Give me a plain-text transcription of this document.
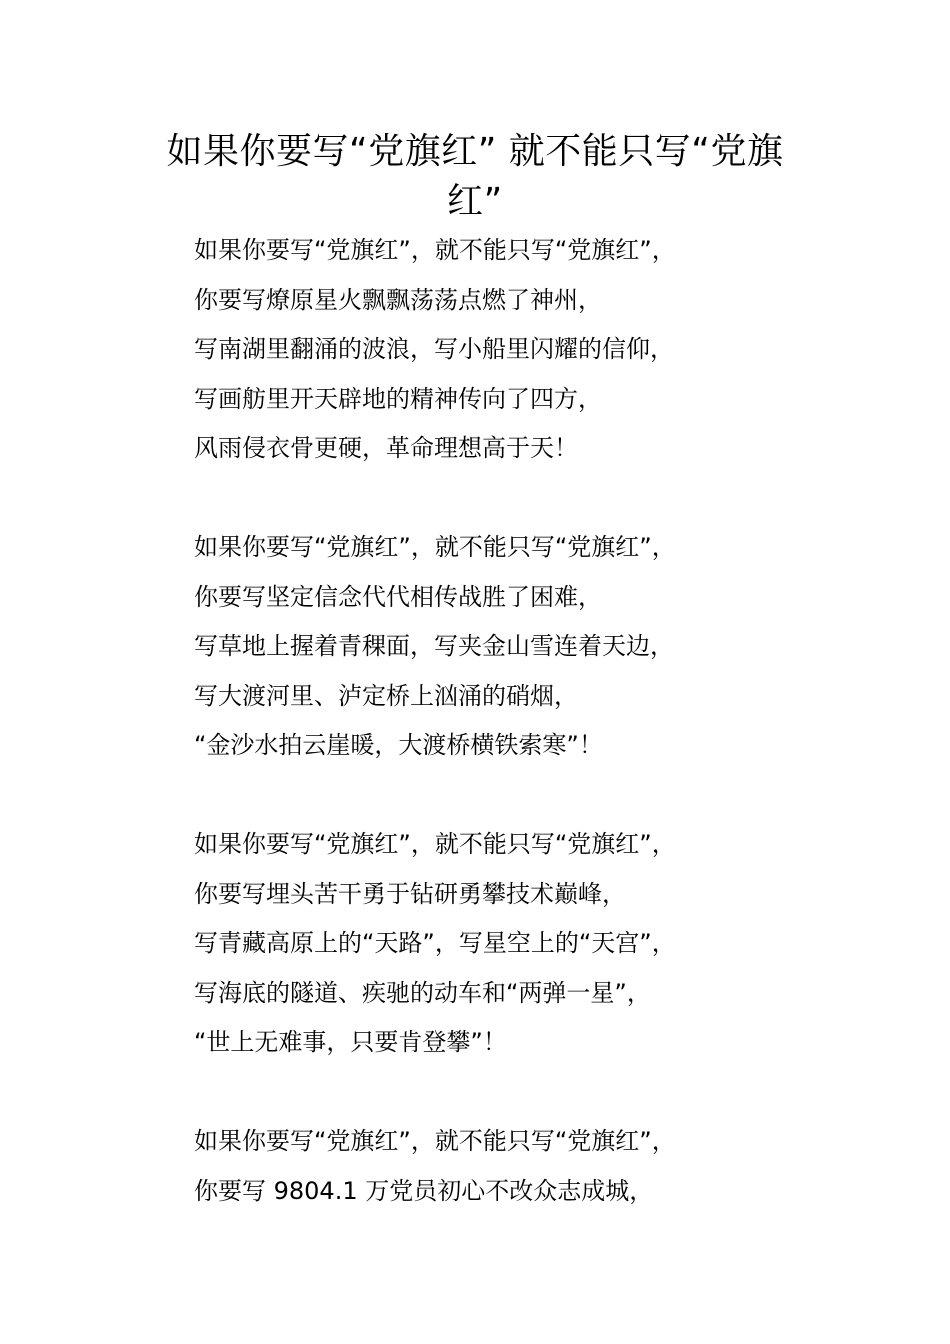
如果你要写“党旗红” 就不能只写“党旗
红”
如果你要写“党旗红”，就不能只写“党旗红”，
你要写燎原星火飘飘荡荡点燃了神州，
写南湖里翻涌的波浪，写小船里闪耀的信仰，
写画舫里开天辟地的精神传向了四方，
风雨侵衣骨更硬，革命理想高于天！
如果你要写“党旗红”，就不能只写“党旗红”，
你要写坚定信念代代相传战胜了困难，
写草地上握着青稞面，写夹金山雪连着天边，
写大渡河里、泸定桥上汹涌的硝烟，
“金沙水拍云崖暖，大渡桥横铁索寒”！
如果你要写“党旗红”，就不能只写“党旗红”，
你要写埋头苦干勇于钻研勇攀技术巅峰，
写青藏高原上的“天路”，写星空上的“天宫”，
写海底的隧道、疾驰的动车和“两弹一星”，
“世上无难事，只要肯登攀”！
如果你要写“党旗红”，就不能只写“党旗红”，
你要写 9804.1 万党员初心不改众志成城，
